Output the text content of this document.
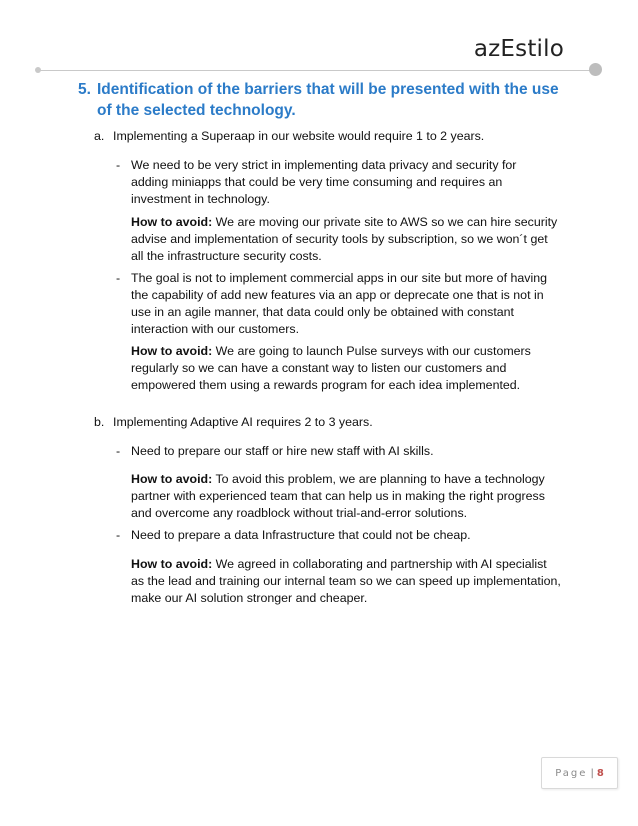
azEstilo
5. Identification of the barriers that will be presented with the use of the selected technology.

a. Implementing a Superaap in our website would require 1 to 2 years.

- We need to be very strict in implementing data privacy and security for adding miniapps that could be very time consuming and requires an investment in technology.

How to avoid: We are moving our private site to AWS so we can hire security advise and implementation of security tools by subscription, so we won´t get all the infrastructure security costs.

- The goal is not to implement commercial apps in our site but more of having the capability of add new features via an app or deprecate one that is not in use in an agile manner, that data could only be obtained with constant interaction with our customers.

How to avoid: We are going to launch Pulse surveys with our customers regularly so we can have a constant way to listen our customers and empowered them using a rewards program for each idea implemented.

b. Implementing Adaptive AI requires 2 to 3 years.

- Need to prepare our staff or hire new staff with AI skills.

How to avoid: To avoid this problem, we are planning to have a technology partner with experienced team that can help us in making the right progress and overcome any roadblock without trial-and-error solutions.

- Need to prepare a data Infrastructure that could not be cheap.

How to avoid: We agreed in collaborating and partnership with AI specialist as the lead and training our internal team so we can speed up implementation, make our AI solution stronger and cheaper.

Page | 8
